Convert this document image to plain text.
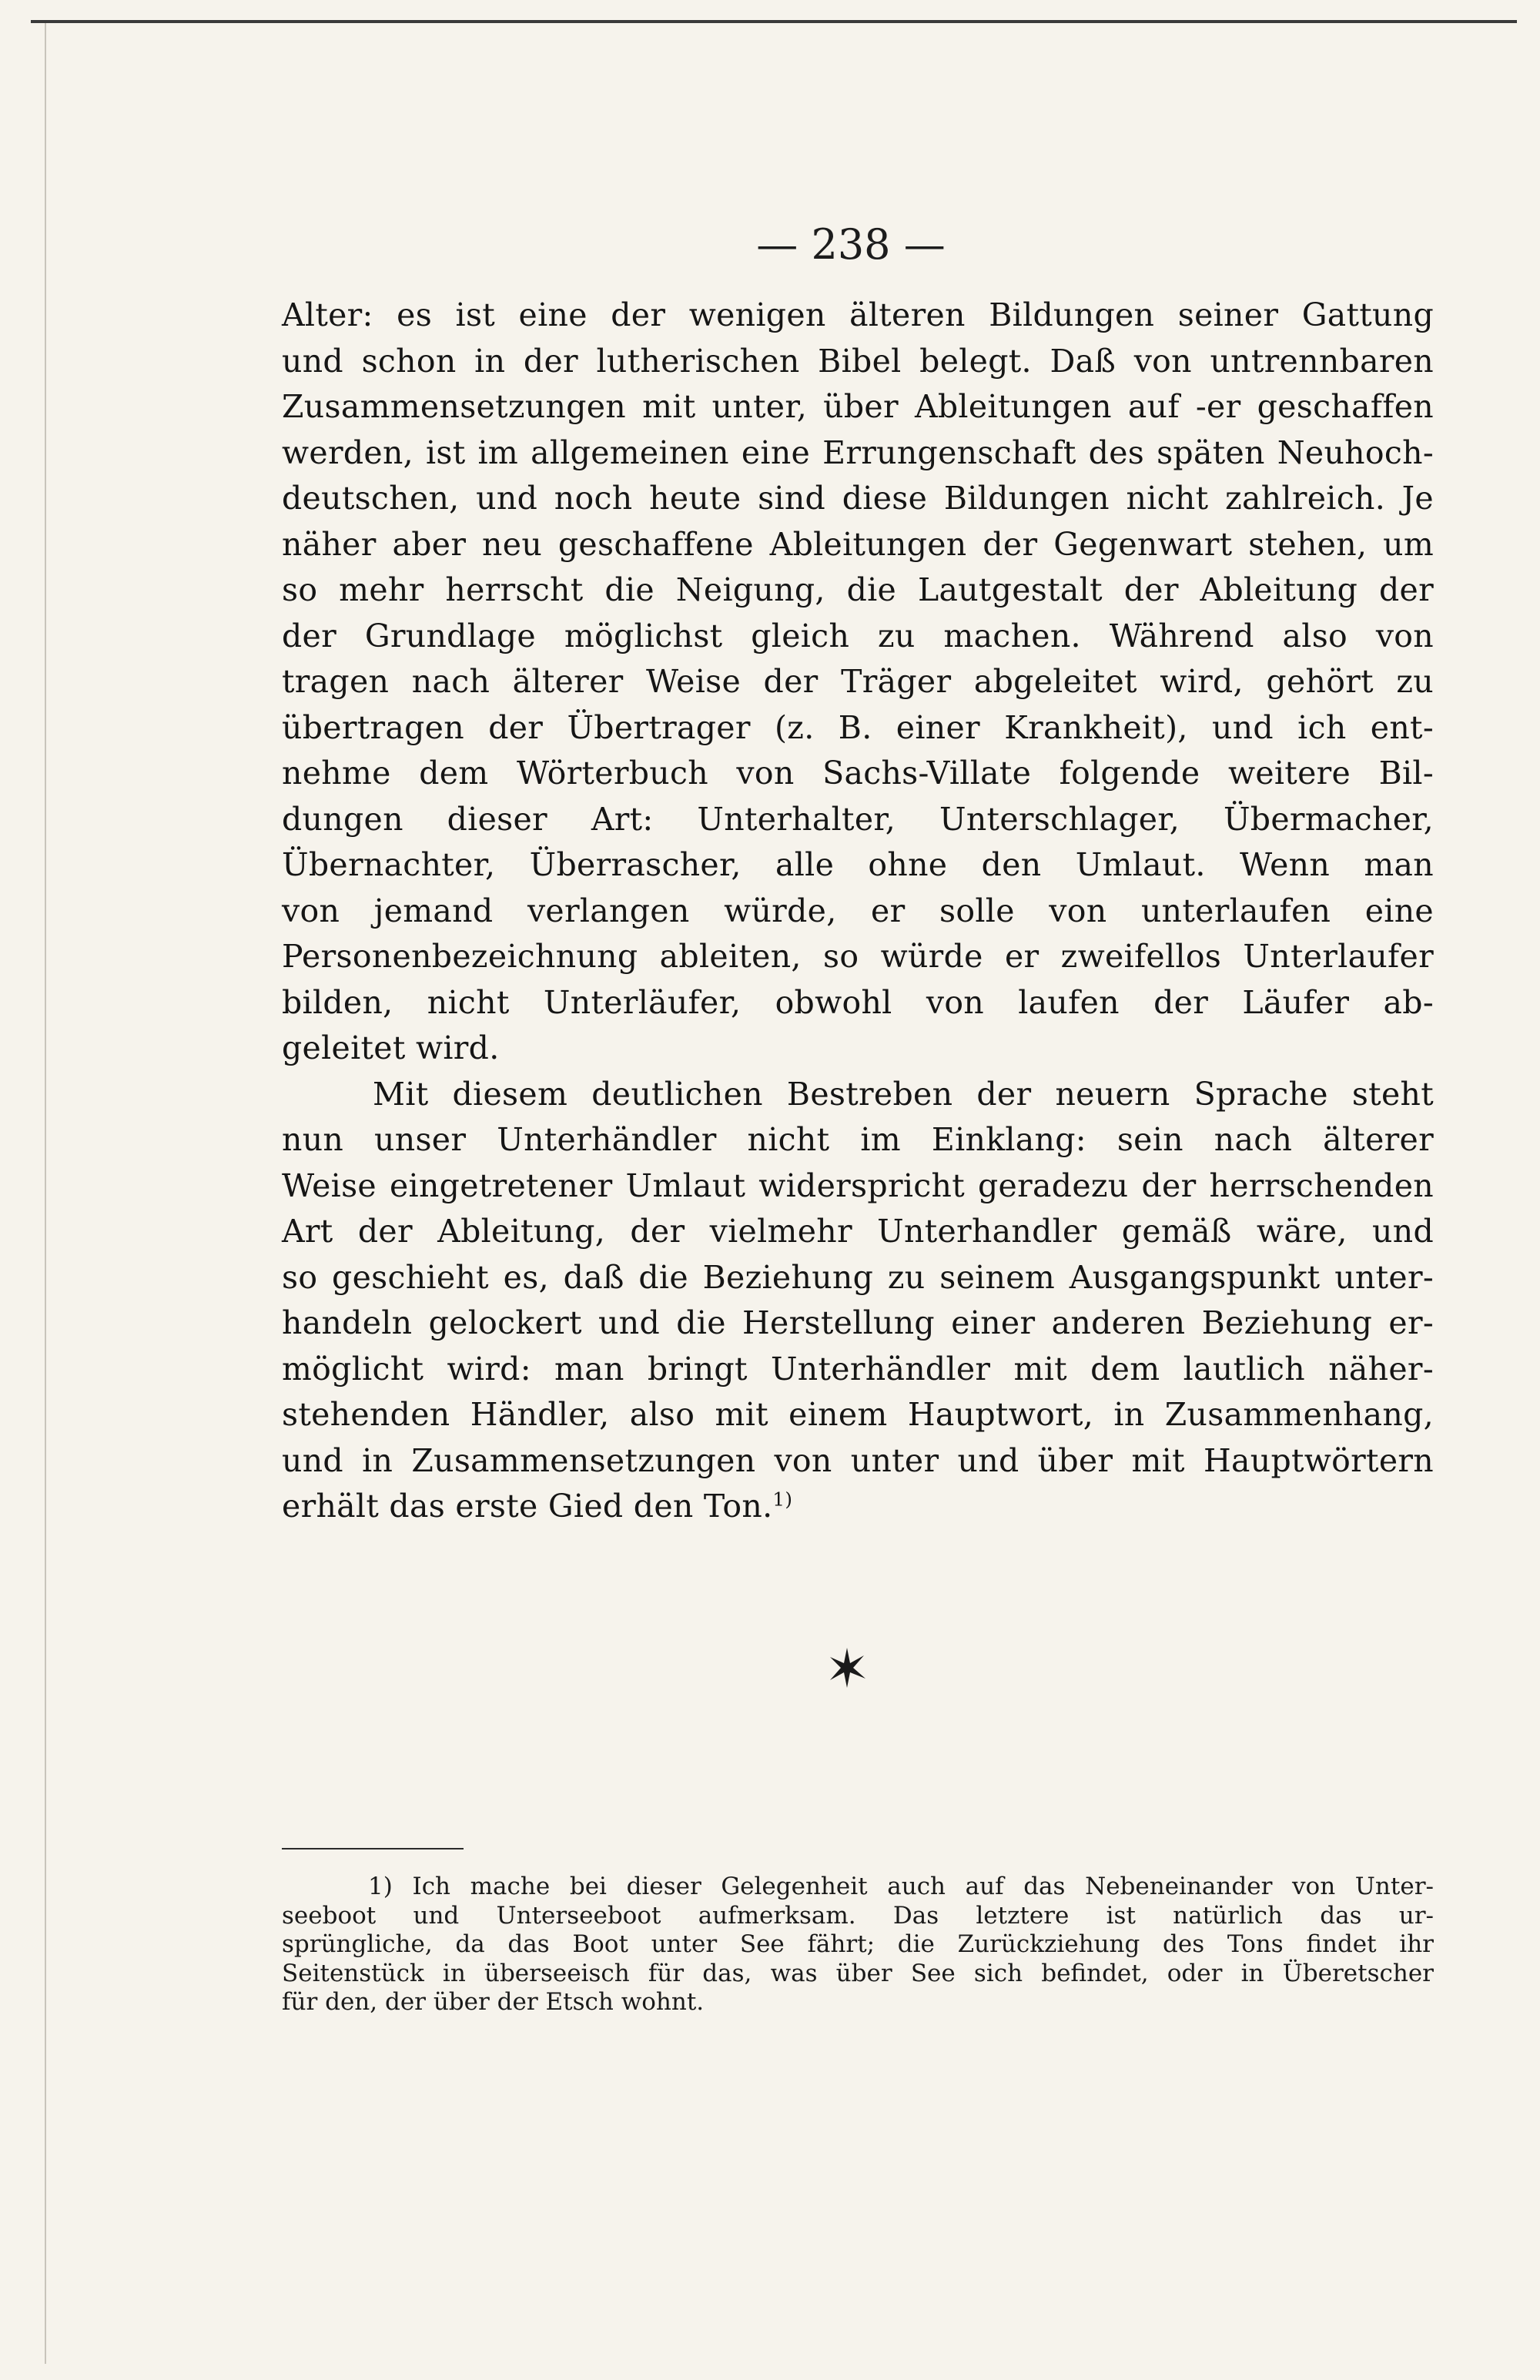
— 238 —
Alter: es ist eine der wenigen älteren Bildungen seiner Gattung
und schon in der lutherischen Bibel belegt. Daß von untrennbaren
Zusammensetzungen mit unter, über Ableitungen auf -er geschaffen
werden, ist im allgemeinen eine Errungenschaft des späten Neuhoch-
deutschen, und noch heute sind diese Bildungen nicht zahlreich. Je
näher aber neu geschaffene Ableitungen der Gegenwart stehen, um
so mehr herrscht die Neigung, die Lautgestalt der Ableitung der
der Grundlage möglichst gleich zu machen. Während also von
tragen nach älterer Weise der Träger abgeleitet wird, gehört zu
übertragen der Übertrager (z. B. einer Krankheit), und ich ent-
nehme dem Wörterbuch von Sachs-Villate folgende weitere Bil-
dungen dieser Art: Unterhalter, Unterschlager, Übermacher,
Übernachter, Überrascher, alle ohne den Umlaut. Wenn man
von jemand verlangen würde, er solle von unterlaufen eine
Personenbezeichnung ableiten, so würde er zweifellos Unterlaufer
bilden, nicht Unterläufer, obwohl von laufen der Läufer ab-
geleitet wird.
Mit diesem deutlichen Bestreben der neuern Sprache steht
nun unser Unterhändler nicht im Einklang: sein nach älterer
Weise eingetretener Umlaut widerspricht geradezu der herrschenden
Art der Ableitung, der vielmehr Unterhandler gemäß wäre, und
so geschieht es, daß die Beziehung zu seinem Ausgangspunkt unter-
handeln gelockert und die Herstellung einer anderen Beziehung er-
möglicht wird: man bringt Unterhändler mit dem lautlich näher-
stehenden Händler, also mit einem Hauptwort, in Zusammenhang,
und in Zusammensetzungen von unter und über mit Hauptwörtern
erhält das erste Gied den Ton.$^{1)}$
1) Ich mache bei dieser Gelegenheit auch auf das Nebeneinander von Unter-
seeboot und Unterseeboot aufmerksam. Das letztere ist natürlich das ur-
sprüngliche, da das Boot unter See fährt; die Zurückziehung des Tons findet ihr
Seitenstück in überseeisch für das, was über See sich befindet, oder in Überetscher
für den, der über der Etsch wohnt.
